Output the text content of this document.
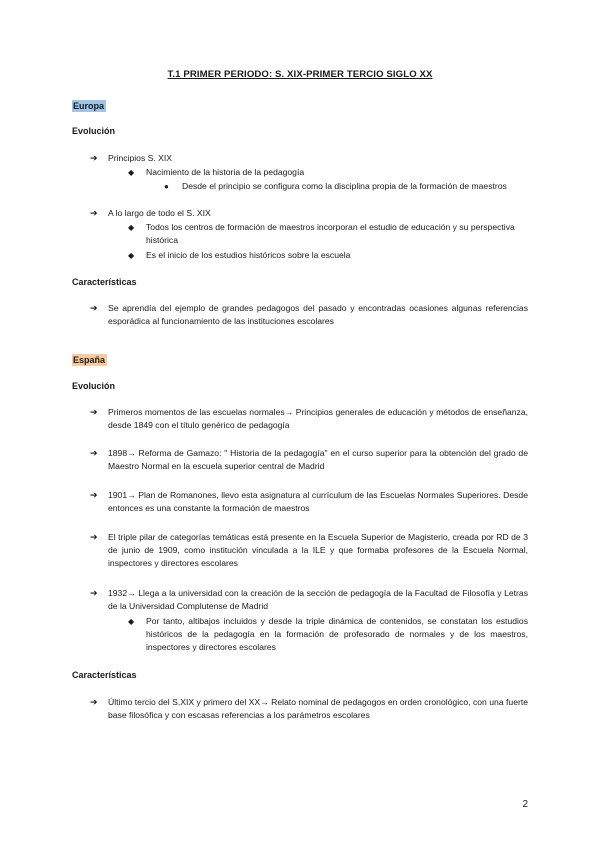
T.1 PRIMER PERIODO: S. XIX-PRIMER TERCIO SIGLO XX
Europa
Evolución
➔ Principios S. XIX
◆ Nacimiento de la historia de la pedagogía
● Desde el principio se configura como la disciplina propia de la formación de maestros
➔ A lo largo de todo el S. XIX
◆ Todos los centros de formación de maestros incorporan el estudio de educación y su perspectiva histórica
◆ Es el inicio de los estudios históricos sobre la escuela
Características
➔ Se aprendía del ejemplo de grandes pedagogos del pasado y encontradas ocasiones algunas referencias esporádica al funcionamiento de las instituciones escolares
España
Evolución
➔ Primeros momentos de las escuelas normales→ Principios generales de educación y métodos de enseñanza, desde 1849 con el título genérico de pedagogía
➔ 1898→ Reforma de Gamazo: " Historia de la pedagogía" en el curso superior para la obtención del grado de Maestro Normal en la escuela superior central de Madrid
➔ 1901→ Plan de Romanones, llevo esta asignatura al currículum de las Escuelas Normales Superiores. Desde entonces es una constante la formación de maestros
➔ El triple pilar de categorías temáticas está presente en la Escuela Superior de Magisterio, creada por RD de 3 de junio de 1909, como institución vinculada a la ILE y que formaba profesores de la Escuela Normal, inspectores y directores escolares
➔ 1932→ Llega a la universidad con la creación de la sección de pedagogía de la Facultad de Filosofía y Letras de la Universidad Complutense de Madrid
◆ Por tanto, altibajos incluidos y desde la triple dinámica de contenidos, se constatan los estudios históricos de la pedagogía en la formación de profesorado de normales y de los maestros, inspectores y directores escolares
Características
➔ Último tercio del S.XIX y primero del XX→ Relato nominal de pedagogos en orden cronológico, con una fuerte base filosófica y con escasas referencias a los parámetros escolares
2
